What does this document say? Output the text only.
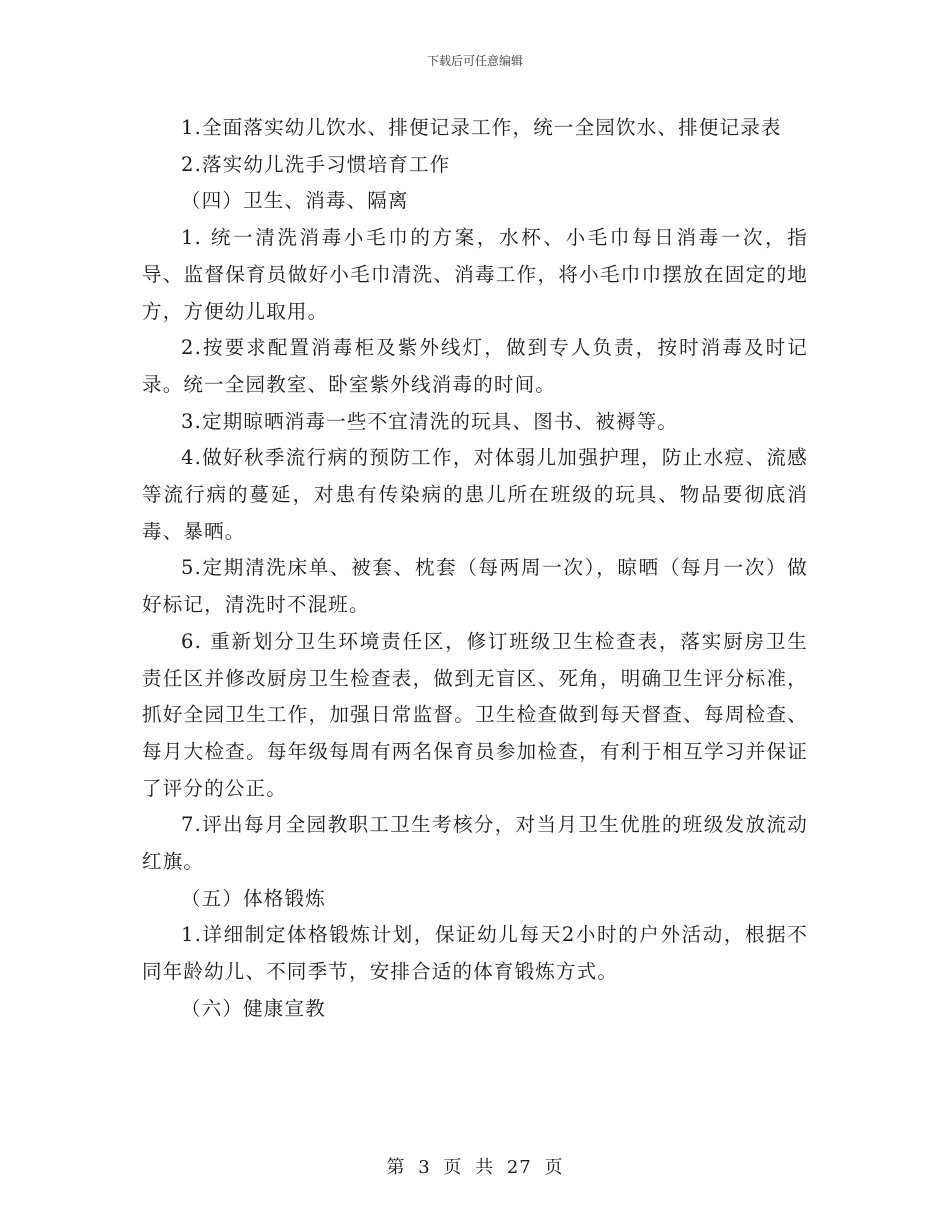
下载后可任意编辑

1.全面落实幼儿饮水、排便记录工作，统一全园饮水、排便记录表

2.落实幼儿洗手习惯培育工作

（四）卫生、消毒、隔离

1. 统一清洗消毒小毛巾的方案，水杯、小毛巾每日消毒一次，指导、监督保育员做好小毛巾清洗、消毒工作，将小毛巾巾摆放在固定的地方，方便幼儿取用。

2.按要求配置消毒柜及紫外线灯，做到专人负责，按时消毒及时记录。统一全园教室、卧室紫外线消毒的时间。

3.定期晾晒消毒一些不宜清洗的玩具、图书、被褥等。

4.做好秋季流行病的预防工作，对体弱儿加强护理，防止水痘、流感等流行病的蔓延，对患有传染病的患儿所在班级的玩具、物品要彻底消毒、暴晒。

5.定期清洗床单、被套、枕套（每两周一次），晾晒（每月一次）做好标记，清洗时不混班。

6. 重新划分卫生环境责任区，修订班级卫生检查表，落实厨房卫生责任区并修改厨房卫生检查表，做到无盲区、死角，明确卫生评分标准，抓好全园卫生工作，加强日常监督。卫生检查做到每天督查、每周检查、每月大检查。每年级每周有两名保育员参加检查，有利于相互学习并保证了评分的公正。

7.评出每月全园教职工卫生考核分，对当月卫生优胜的班级发放流动红旗。

（五）体格锻炼

1.详细制定体格锻炼计划，保证幼儿每天2小时的户外活动，根据不同年龄幼儿、不同季节，安排合适的体育锻炼方式。

（六）健康宣教

第 3 页 共 27 页
